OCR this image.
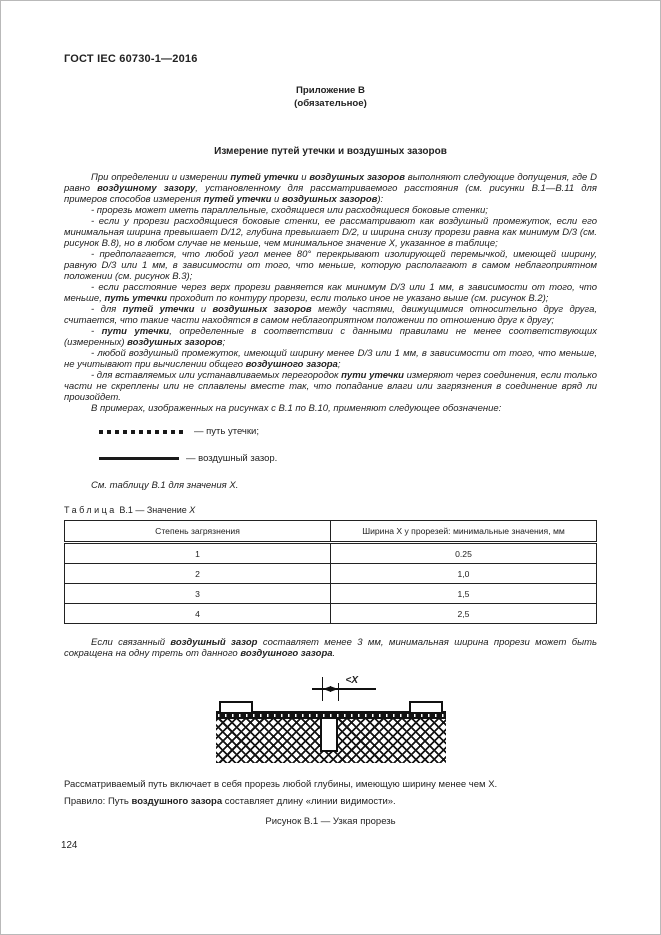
ГОСТ IEC 60730-1—2016
Приложение В
(обязательное)
Измерение путей утечки и воздушных зазоров
При определении и измерении путей утечки и воздушных зазоров выполняют следующие допущения, где D равно воздушному зазору, установленному для рассматриваемого расстояния (см. рисунки В.1—В.11 для примеров способов измерения путей утечки и воздушных зазоров):
- прорезь может иметь параллельные, сходящиеся или расходящиеся боковые стенки;
- если у прорези расходящиеся боковые стенки, ее рассматривают как воздушный промежуток, если его минимальная ширина превышает D/12, глубина превышает D/2, и ширина снизу прорези равна как минимум D/3 (см. рисунок В.8), но в любом случае не меньше, чем минимальное значение X, указанное в таблице;
- предполагается, что любой угол менее 80° перекрывают изолирующей перемычкой, имеющей ширину, равную D/3 или 1 мм, в зависимости от того, что меньше, которую располагают в самом неблагоприятном положении (см. рисунок В.3);
- если расстояние через верх прорези равняется как минимум D/3 или 1 мм, в зависимости от того, что меньше, путь утечки проходит по контуру прорези, если только иное не указано выше (см. рисунок В.2);
- для путей утечки и воздушных зазоров между частями, движущимися относительно друг друга, считается, что такие части находятся в самом неблагоприятном положении по отношению друг к другу;
- пути утечки, определенные в соответствии с данными правилами не менее соответствующих (измеренных) воздушных зазоров;
- любой воздушный промежуток, имеющий ширину менее D/3 или 1 мм, в зависимости от того, что меньше, не учитывают при вычислении общего воздушного зазора;
- для вставляемых или устанавливаемых перегородок пути утечки измеряют через соединения, если только части не скреплены или не сплавлены вместе так, что попадание влаги или загрязнения в соединение вряд ли произойдет.
В примерах, изображенных на рисунках с В.1 по В.10, применяют следующее обозначение:
— путь утечки;
— воздушный зазор.
См. таблицу В.1 для значения X.
Таблица В.1 — Значение X
Степень загрязнения	Ширина X у прорезей: минимальные значения, мм
1	0.25
2	1,0
3	1,5
4	2,5
Если связанный воздушный зазор составляет менее 3 мм, минимальная ширина прорези может быть сокращена на одну треть от данного воздушного зазора.
<X
Рассматриваемый путь включает в себя прорезь любой глубины, имеющую ширину менее чем X.
Правило: Путь воздушного зазора составляет длину «линии видимости».
Рисунок В.1 — Узкая прорезь
124
